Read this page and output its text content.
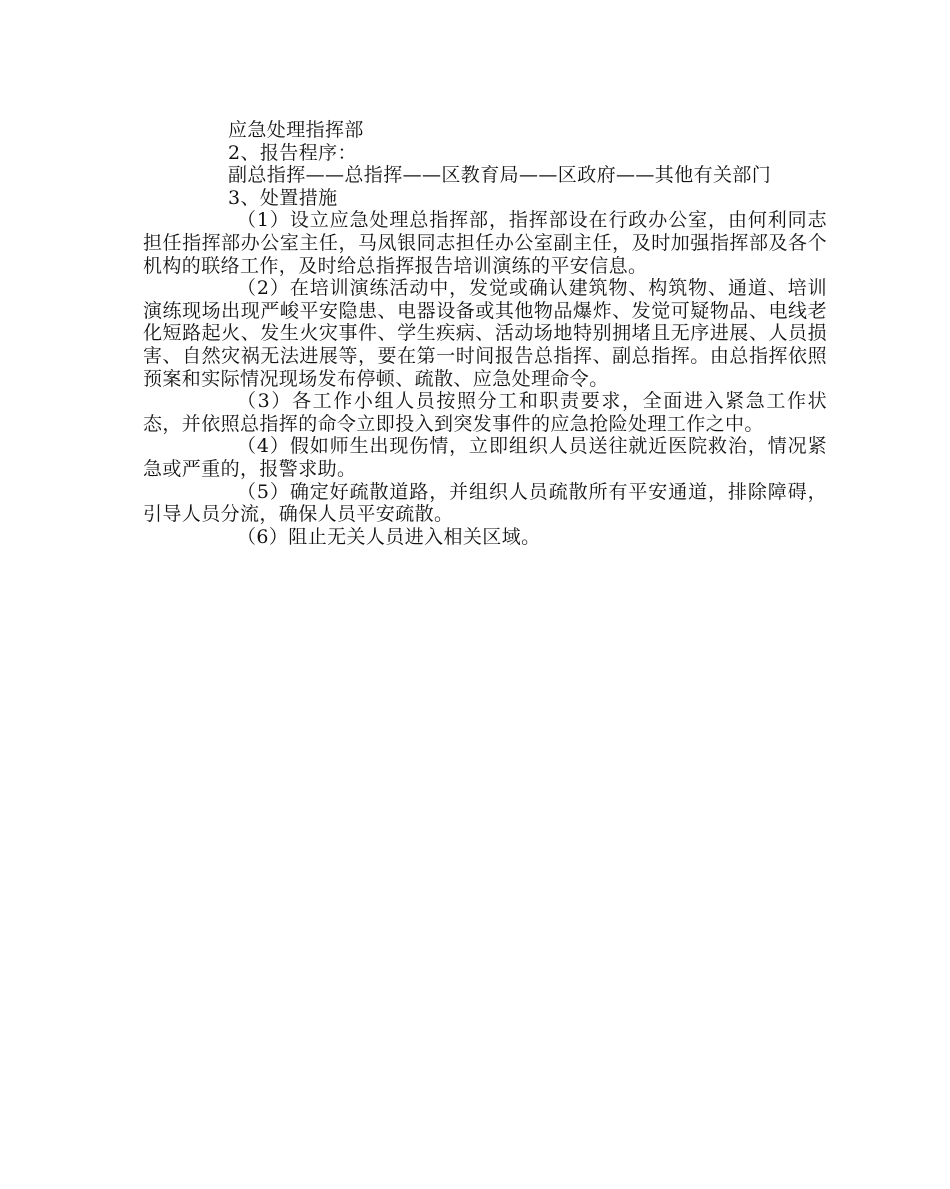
应急处理指挥部

2、报告程序：

副总指挥——总指挥——区教育局——区政府——其他有关部门

3、处置措施

（1）设立应急处理总指挥部，指挥部设在行政办公室，由何利同志担任指挥部办公室主任，马凤银同志担任办公室副主任，及时加强指挥部及各个机构的联络工作，及时给总指挥报告培训演练的平安信息。

（2）在培训演练活动中，发觉或确认建筑物、构筑物、通道、培训演练现场出现严峻平安隐患、电器设备或其他物品爆炸、发觉可疑物品、电线老化短路起火、发生火灾事件、学生疾病、活动场地特别拥堵且无序进展、人员损害、自然灾祸无法进展等，要在第一时间报告总指挥、副总指挥。由总指挥依照预案和实际情况现场发布停顿、疏散、应急处理命令。

（3）各工作小组人员按照分工和职责要求，全面进入紧急工作状态，并依照总指挥的命令立即投入到突发事件的应急抢险处理工作之中。

（4）假如师生出现伤情，立即组织人员送往就近医院救治，情况紧急或严重的，报警求助。

（5）确定好疏散道路，并组织人员疏散所有平安通道，排除障碍，引导人员分流，确保人员平安疏散。

（6）阻止无关人员进入相关区域。
